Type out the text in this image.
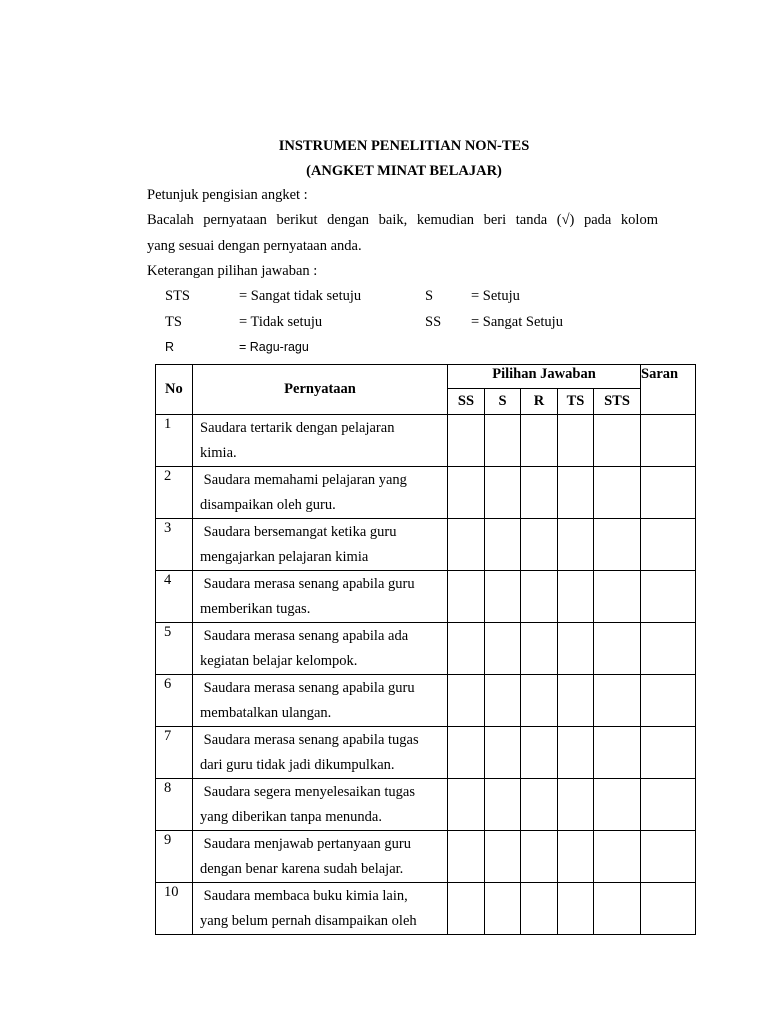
INSTRUMEN PENELITIAN NON-TES
(ANGKET MINAT BELAJAR)
Petunjuk pengisian angket :
Bacalah pernyataan berikut dengan baik, kemudian beri tanda (√) pada kolom
yang sesuai dengan pernyataan anda.
Keterangan pilihan jawaban :
STS	= Sangat tidak setuju	S	= Setuju
TS	= Tidak setuju	SS = Sangat Setuju
R	= Ragu-ragu
No	Pernyataan	Pilihan Jawaban					Saran
		SS	S	R	TS	STS	
1	Saudara tertarik dengan pelajaran
kimia.						

2	Saudara memahami pelajaran yang
disampaikan oleh guru.						

3	Saudara bersemangat ketika guru
mengajarkan pelajaran kimia						

4	Saudara merasa senang apabila guru
memberikan tugas.						

5	Saudara merasa senang apabila ada
kegiatan belajar kelompok.						

6	Saudara merasa senang apabila guru
membatalkan ulangan.						

7	Saudara merasa senang apabila tugas
dari guru tidak jadi dikumpulkan.						

8	Saudara segera menyelesaikan tugas
yang diberikan tanpa menunda.						

9	Saudara menjawab pertanyaan guru
dengan benar karena sudah belajar.						

10	Saudara membaca buku kimia lain,
yang belum pernah disampaikan oleh						
